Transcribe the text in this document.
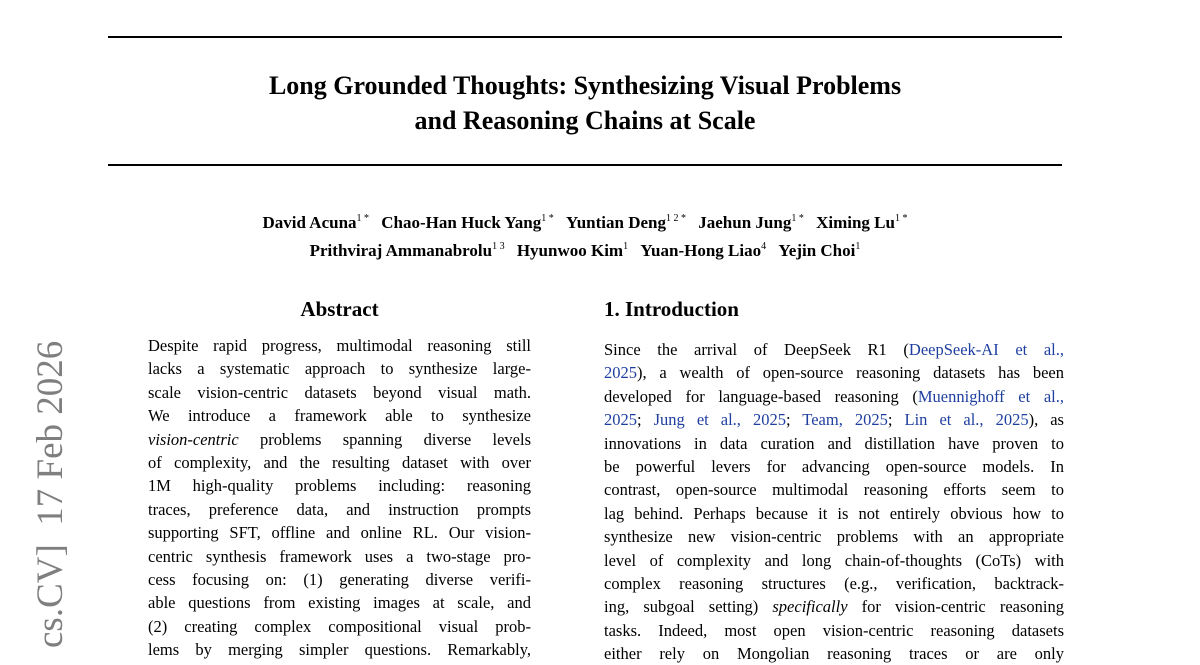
Long Grounded Thoughts: Synthesizing Visual Problems
and Reasoning Chains at Scale
David Acuna$^{1 *}$ Chao-Han Huck Yang$^{1 *}$ Yuntian Deng$^{1 2 *}$ Jaehun Jung$^{1 *}$ Ximing $Lu^{1 *}$
Prithviraj Ammanabrolu$^{1 3}$ Hyunwoo Kim$^1$ Yuan-Hong Liao$^4$ Yejin Choi$^1$
cs.CV]  17 Feb 2026
Abstract
Despite rapid progress, multimodal reasoning still
lacks a systematic approach to synthesize large-
scale vision-centric datasets beyond visual math.
We introduce a framework able to synthesize
vision-centric problems spanning diverse levels
of complexity, and the resulting dataset with over
1M high-quality problems including: reasoning
traces, preference data, and instruction prompts
supporting SFT, offline and online RL. Our vision-
centric synthesis framework uses a two-stage pro-
cess focusing on: (1) generating diverse verifi-
able questions from existing images at scale, and
(2) creating complex compositional visual prob-
lems by merging simpler questions. Remarkably,
1. Introduction
Since the arrival of DeepSeek R1 (DeepSeek-AI et al.,
2025), a wealth of open-source reasoning datasets has been
developed for language-based reasoning (Muennighoff et al.,
2025; Jung et al., 2025; Team, 2025; Lin et al., 2025), as
innovations in data curation and distillation have proven to
be powerful levers for advancing open-source models. In
contrast, open-source multimodal reasoning efforts seem to
lag behind. Perhaps because it is not entirely obvious how to
synthesize new vision-centric problems with an appropriate
level of complexity and long chain-of-thoughts (CoTs) with
complex reasoning structures (e.g., verification, backtrack-
ing, subgoal setting) specifically for vision-centric reasoning
tasks. Indeed, most open vision-centric reasoning datasets
either rely on Mongolian reasoning traces or are only
